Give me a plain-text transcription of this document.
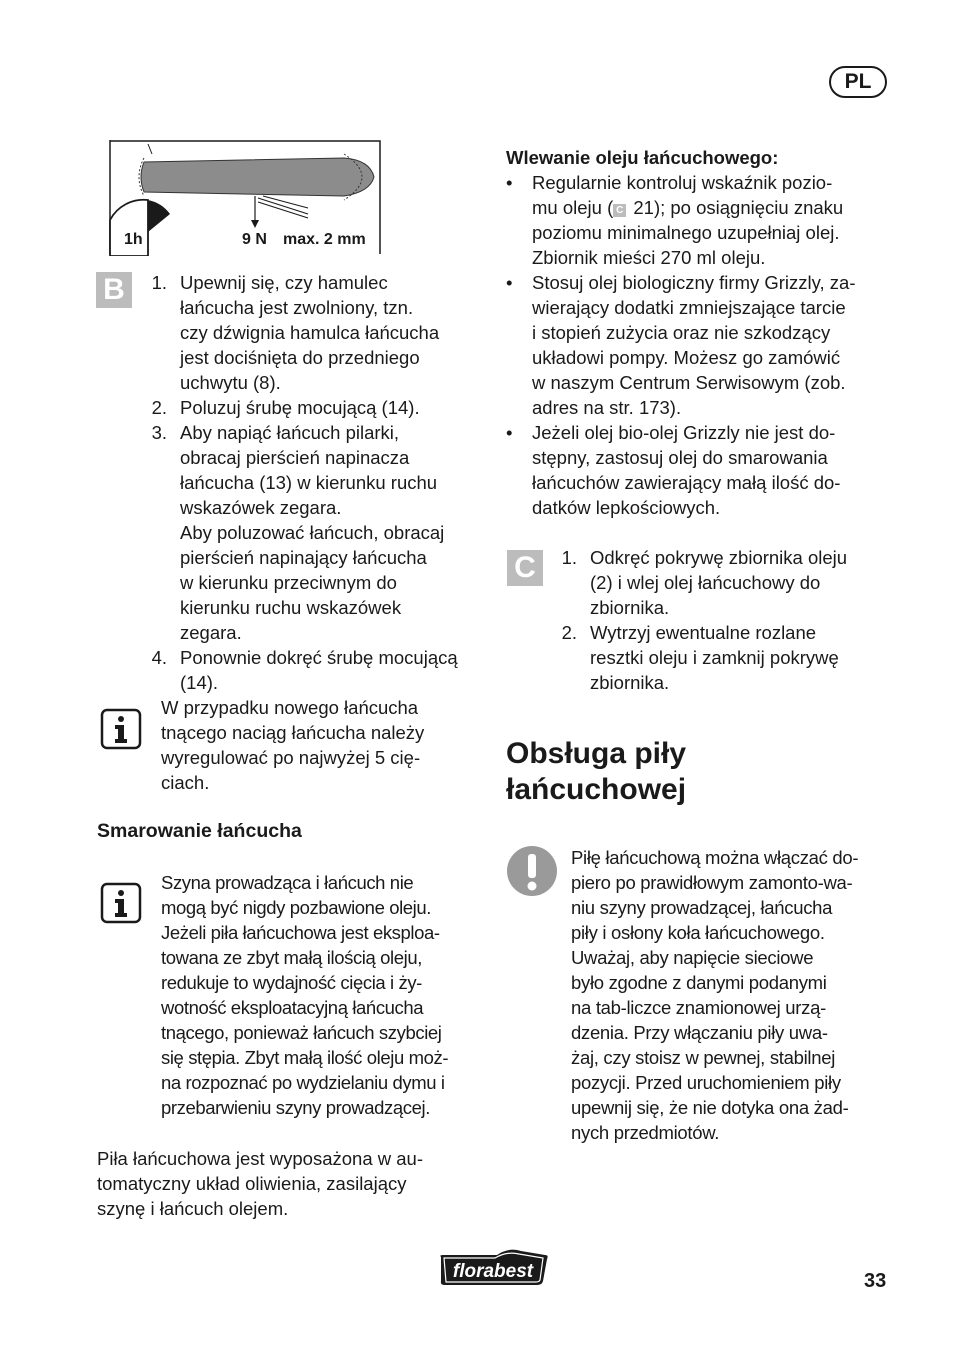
PL
1h	9 N max. 2 mm
B	1. Upewnij się, czy hamulec
łańcucha jest zwolniony, tzn.
czy dźwignia hamulca łańcucha
jest dociśnięta do przedniego
uchwytu (8).
2. Poluzuj śrubę mocującą (14).
3. Aby napiąć łańcuch pilarki,
obracaj pierścień napinacza
łańcucha (13) w kierunku ruchu
wskazówek zegara.
Aby poluzować łańcuch, obracaj
pierścień napinający łańcucha
w kierunku przeciwnym do
kierunku ruchu wskazówek
zegara.
4. Ponownie dokręć śrubę mocującą
(14).
W przypadku nowego łańcucha
tnącego naciąg łańcucha należy
wyregulować po najwyżej 5 cię-
ciach.
Smarowanie łańcucha
Szyna prowadząca i łańcuch nie
mogą być nigdy pozbawione oleju.
Jeżeli piła łańcuchowa jest eksploa-
towana ze zbyt małą ilością oleju,
redukuje to wydajność cięcia i ży-
wotność eksploatacyjną łańcucha
tnącego, ponieważ łańcuch szybciej
się stępia. Zbyt małą ilość oleju moż-
na rozpoznać po wydzielaniu dymu i
przebarwieniu szyny prowadzącej.
Piła łańcuchowa jest wyposażona w au-
tomatyczny układ oliwienia, zasilający
szynę i łańcuch olejem.
Wlewanie oleju łańcuchowego:
• Regularnie kontroluj wskaźnik pozio-
mu oleju ( C 21); po osiągnięciu znaku
poziomu minimalnego uzupełniaj olej.
Zbiornik mieści 270 ml oleju.
• Stosuj olej biologiczny firmy Grizzly, za-
wierający dodatki zmniejszające tarcie
i stopień zużycia oraz nie szkodzący
układowi pompy. Możesz go zamówić
w naszym Centrum Serwisowym (zob.
adres na str. 173).
• Jeżeli olej bio-olej Grizzly nie jest do-
stępny, zastosuj olej do smarowania
łańcuchów zawierający małą ilość do-
datków lepkościowych.
C	1. Odkręć pokrywę zbiornika oleju
(2) i wlej olej łańcuchowy do
zbiornika.
2. Wytrzyj ewentualne rozlane
resztki oleju i zamknij pokrywę
zbiornika.
Obsługa piły
łańcuchowej
Piłę łańcuchową można włączać do-
piero po prawidłowym zamonto-wa-
niu szyny prowadzącej, łańcucha
piły i osłony koła łańcuchowego.
Uważaj, aby napięcie sieciowe
było zgodne z danymi podanymi
na tab-liczce znamionowej urzą-
dzenia. Przy włączaniu piły uwa-
żaj, czy stoisz w pewnej, stabilnej
pozycji. Przed uruchomieniem piły
upewnij się, że nie dotyka ona żad-
nych przedmiotów.
florabest	33
